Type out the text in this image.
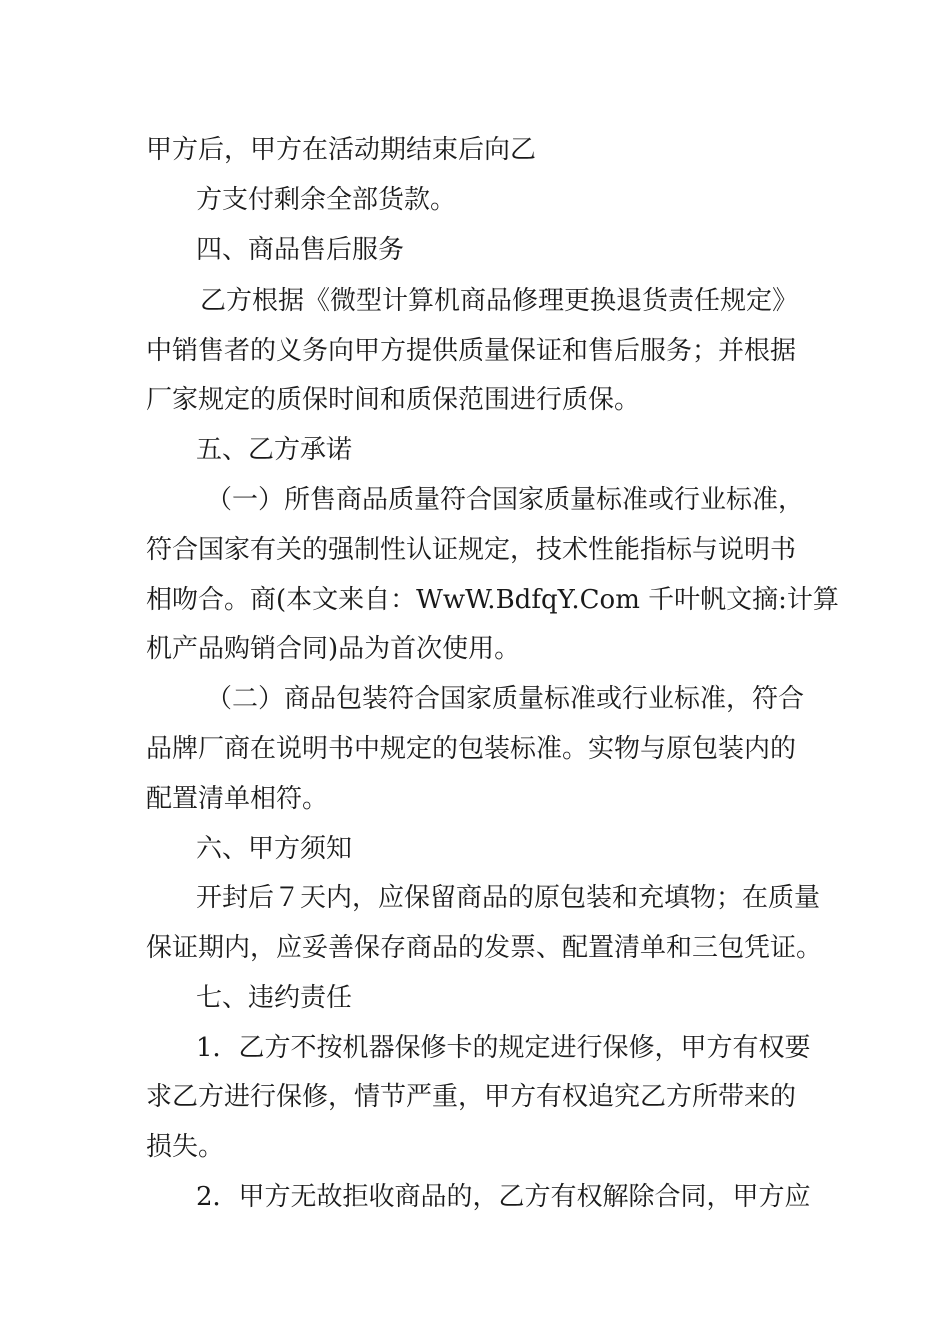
甲方后，甲方在活动期结束后向乙
方支付剩余全部货款。
四、商品售后服务
乙方根据《微型计算机商品修理更换退货责任规定》
中销售者的义务向甲方提供质量保证和售后服务；并根据
厂家规定的质保时间和质保范围进行质保。
五、乙方承诺
（一）所售商品质量符合国家质量标准或行业标准，
符合国家有关的强制性认证规定，技术性能指标与说明书
相吻合。商(本文来自：WwW.BdfqY.Com 千叶帆文摘:计算
机产品购销合同)品为首次使用。
（二）商品包装符合国家质量标准或行业标准，符合
品牌厂商在说明书中规定的包装标准。实物与原包装内的
配置清单相符。
六、甲方须知
开封后７天内，应保留商品的原包装和充填物；在质量
保证期内，应妥善保存商品的发票、配置清单和三包凭证。
七、违约责任
1．乙方不按机器保修卡的规定进行保修，甲方有权要
求乙方进行保修，情节严重，甲方有权追究乙方所带来的
损失。
2．甲方无故拒收商品的，乙方有权解除合同，甲方应
